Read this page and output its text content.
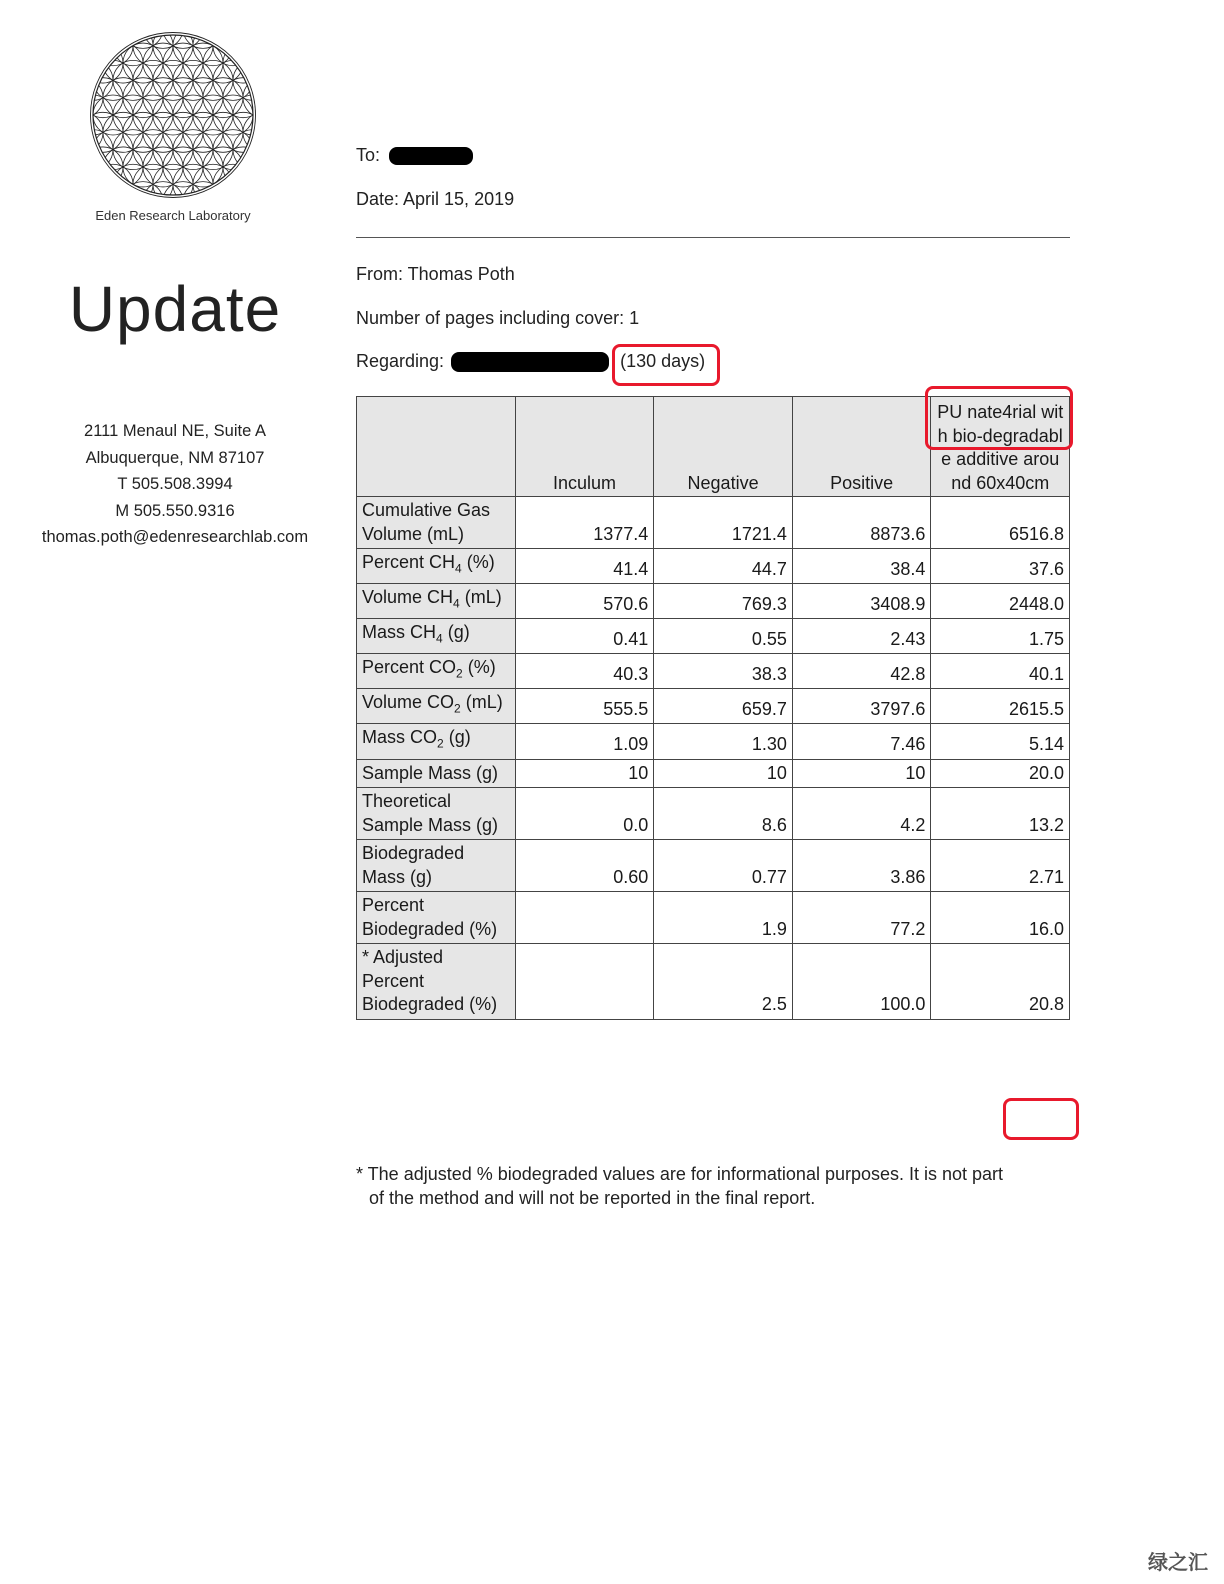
Eden Research Laboratory
Update
2111 Menaul NE, Suite A
Albuquerque, NM 87107
T 505.508.3994
M 505.550.9316
thomas.poth@edenresearchlab.com
To:
Date: April 15, 2019
From: Thomas Poth
Number of pages including cover: 1
Regarding:	(130 days)
	Inculum	Negative	Positive	PU nate4rial with bio-degradable additive around 60x40cm
Cumulative Gas Volume (mL)	1377.4	1721.4	8873.6	6516.8
Percent $CH_4$ (%)	41.4	44.7	38.4	37.6
Volume $CH_4$ (mL)	570.6	769.3	3408.9	2448.0
Mass $CH_4$ (g)	0.41	0.55	2.43	1.75
Percent $CO_2$ (%)	40.3	38.3	42.8	40.1
Volume $CO_2$ (mL)	555.5	659.7	3797.6	2615.5
Mass $CO_2$ (g)	1.09	1.30	7.46	5.14
Sample Mass (g)	10	10	10	20.0
Theoretical Sample Mass (g)	0.0	8.6	4.2	13.2
Biodegraded Mass (g)	0.60	0.77	3.86	2.71
Percent Biodegraded (%)		1.9	77.2	16.0
* Adjusted Percent Biodegraded (%)		2.5	100.0	20.8
* The adjusted % biodegraded values are for informational purposes. It is not part
of the method and will not be reported in the final report.
绿之汇
